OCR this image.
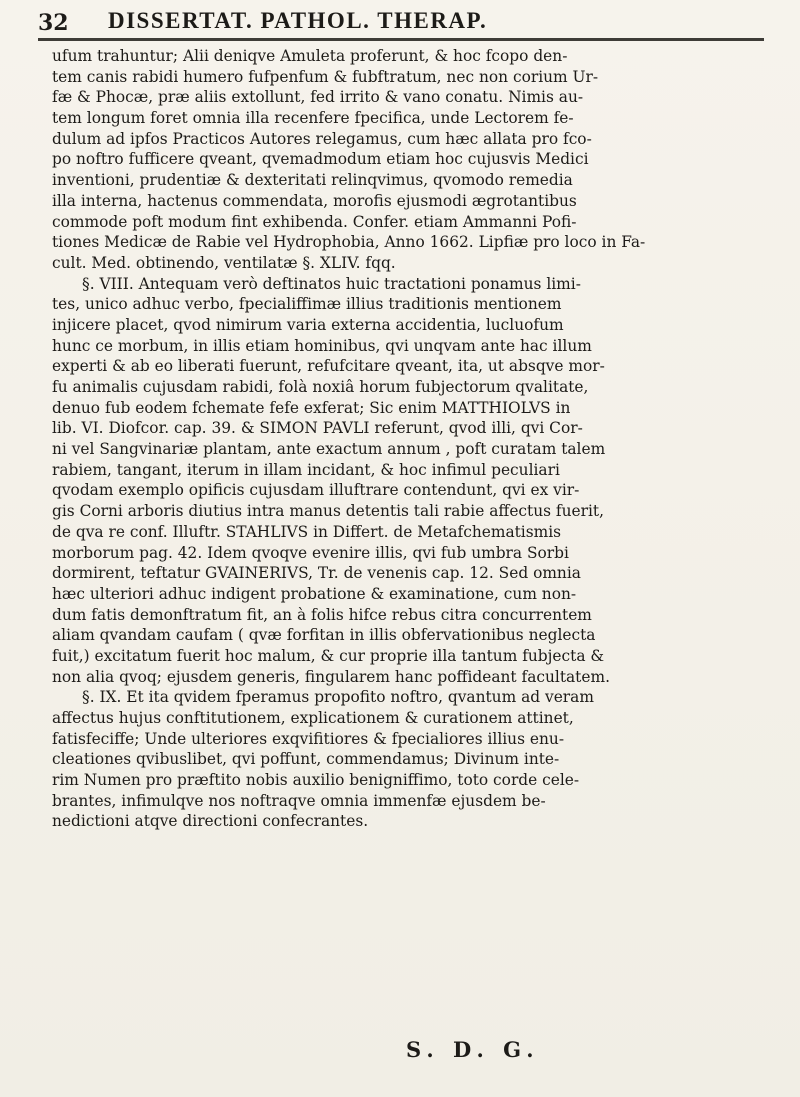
32 DISSERTAT. PATHOL. THERAP.
ufum trahuntur; Alii deniqve Amuleta proferunt, & hoc fcopo den-
tem canis rabidi humero fufpenfum & fubftratum, nec non corium Ur-
fæ & Phocæ, præ aliis extollunt, fed irrito & vano conatu. Nimis au-
tem longum foret omnia illa recenfere fpecifica, unde Lectorem fe-
dulum ad ipfos Practicos Autores relegamus, cum hæc allata pro fco-
po noftro fufficere qveant, qvemadmodum etiam hoc cujusvis Medici
inventioni, prudentiæ & dexteritati relinqvimus, qvomodo remedia
illa interna, hactenus commendata, morofis ejusmodi ægrotantibus
commode poft modum fint exhibenda. Confer. etiam Ammanni Pofi-
tiones Medicæ de Rabie vel Hydrophobia, Anno 1662. Lipfiæ pro loco in Fa-
cult. Med. obtinendo, ventilatæ §. XLIV. fqq.
§. VIII. Antequam verò deftinatos huic tractationi ponamus limi-
tes, unico adhuc verbo, fpecialiffimæ illius traditionis mentionem
injicere placet, qvod nimirum varia externa accidentia, lucluofum
hunc ce morbum, in illis etiam hominibus, qvi unqvam ante hac illum
experti & ab eo liberati fuerunt, refufcitare qveant, ita, ut absqve mor-
fu animalis cujusdam rabidi, folà noxiâ horum fubjectorum qvalitate,
denuo fub eodem fchemate fefe exferat; Sic enim MATTHIOLVS in
lib. VI. Diofcor. cap. 39. & SIMON PAVLI referunt, qvod illi, qvi Cor-
ni vel Sangvinariæ plantam, ante exactum annum , poft curatam talem
rabiem, tangant, iterum in illam incidant, & hoc infimul peculiari
qvodam exemplo opificis cujusdam illuftrare contendunt, qvi ex vir-
gis Corni arboris diutius intra manus detentis tali rabie affectus fuerit,
de qva re conf. Illuftr. STAHLIVS in Differt. de Metafchematismis
morborum pag. 42. Idem qvoqve evenire illis, qvi fub umbra Sorbi
dormirent, teftatur GVAINERIVS, Tr. de venenis cap. 12. Sed omnia
hæc ulteriori adhuc indigent probatione & examinatione, cum non-
dum fatis demonftratum fit, an à folis hifce rebus citra concurrentem
aliam qvandam caufam ( qvæ forfitan in illis obfervationibus neglecta
fuit,) excitatum fuerit hoc malum, & cur proprie illa tantum fubjecta &
non alia qvoq; ejusdem generis, fingularem hanc poffideant facultatem.
§. IX. Et ita qvidem fperamus propofito noftro, qvantum ad veram
affectus hujus conftitutionem, explicationem & curationem attinet,
fatisfeciffe; Unde ulteriores exqvifitiores & fpecialiores illius enu-
cleationes qvibuslibet, qvi poffunt, commendamus; Divinum inte-
rim Numen pro præftito nobis auxilio benigniffimo, toto corde cele-
brantes, infimulqve nos noftraqve omnia immenfæ ejusdem be-
nedictioni atqve directioni confecrantes.
S. D. G.
